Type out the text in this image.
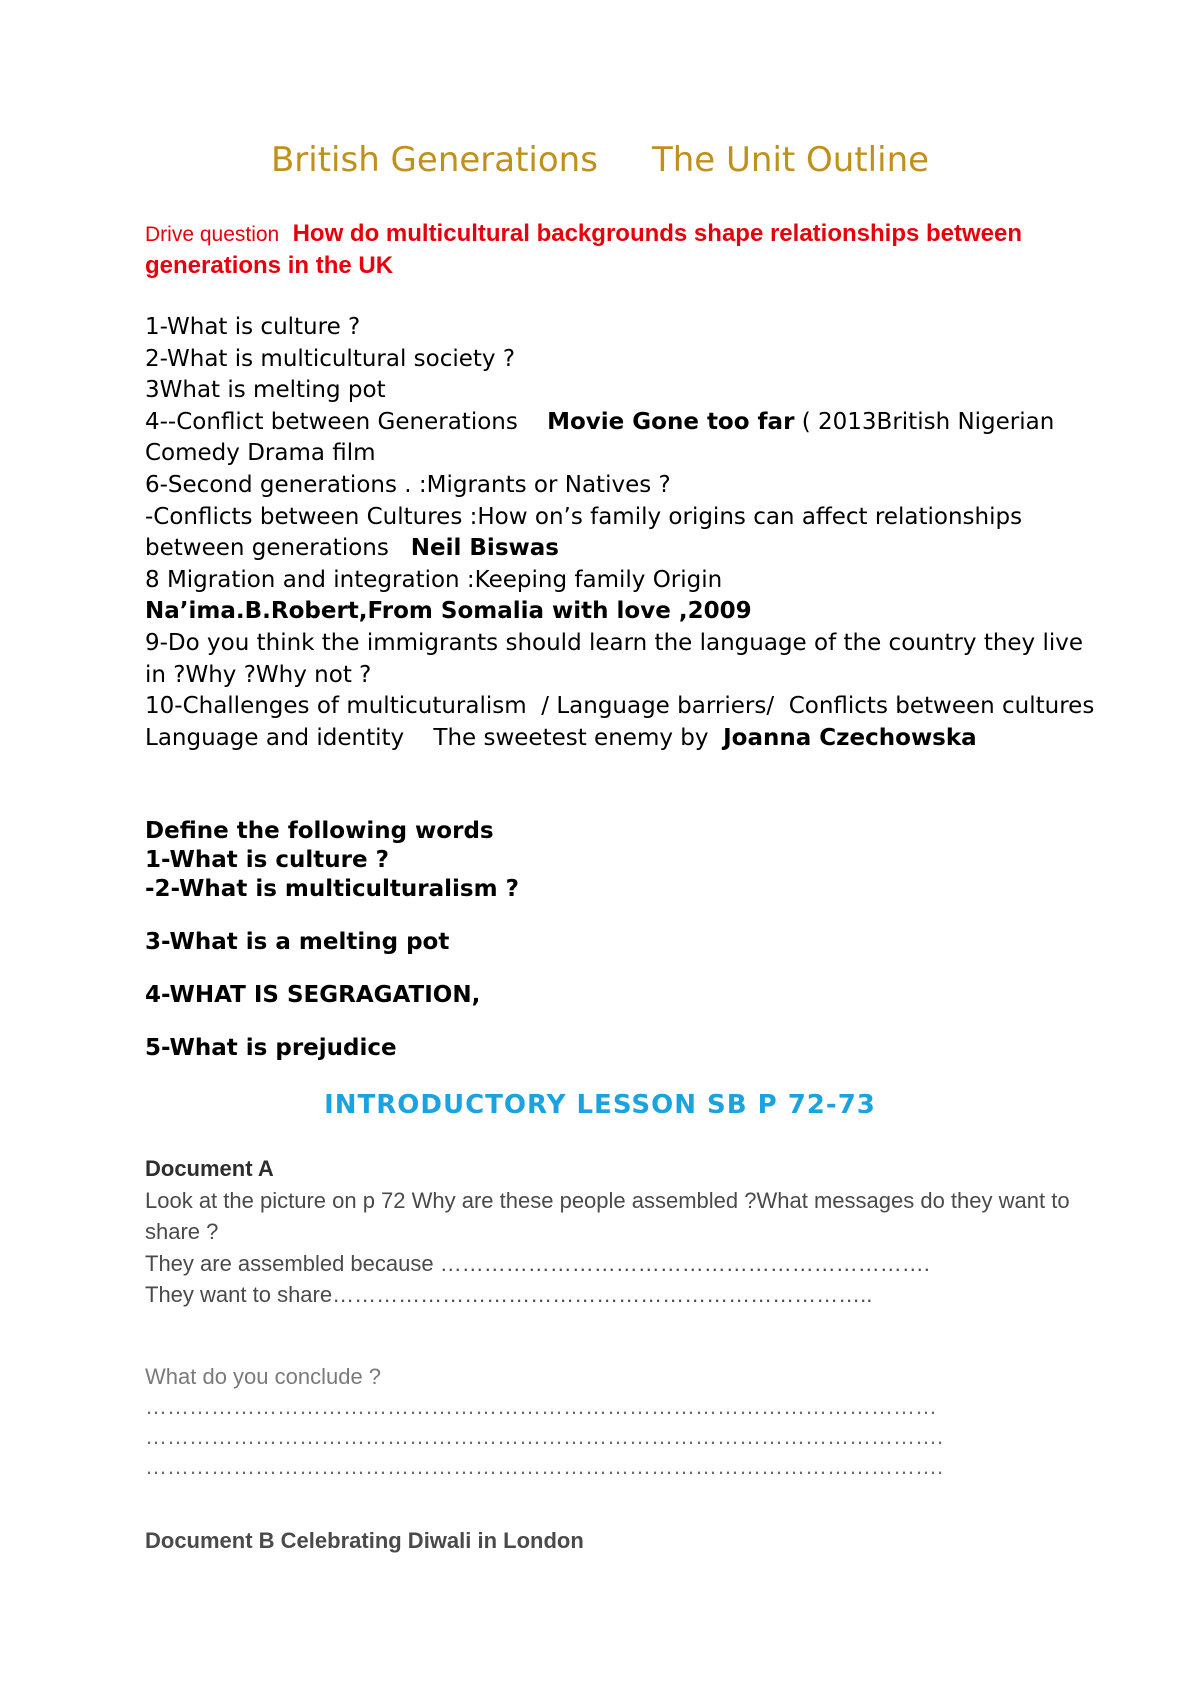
British Generations     The Unit Outline
Drive question How do multicultural backgrounds shape relationships between generations in the UK
1-What is culture ?
2-What is multicultural society ?
3What is melting pot
4--Conflict between Generations    Movie Gone too far ( 2013British Nigerian  Comedy Drama film
6-Second generations . :Migrants or Natives ?
-Conflicts between Cultures :How on’s family origins can affect relationships between generations   Neil Biswas
8 Migration and integration :Keeping family Origin
Na’ima.B.Robert,From Somalia with love ,2009
9-Do you think the immigrants should learn the language of the country they live in ?Why ?Why not ?
10-Challenges of multicuturalism  / Language barriers/  Conflicts between cultures
Language and identity    The sweetest enemy by  Joanna Czechowska
Define the following words
1-What is culture ?
-2-What is multiculturalism ?
3-What is a melting pot
4-WHAT IS SEGRAGATION,
5-What is prejudice
INTRODUCTORY LESSON SB P 72-73
Document A
Look at the picture on p 72 Why are these people assembled ?What messages do they want to share ?
They are assembled because ………………………………………………………….
They want to share………………………………………………………………..
What do you conclude ?
………………………………………………………………………………………………
……………………………………………………………………………………………….
……………………………………………………………………………………………….
Document B Celebrating Diwali in London
